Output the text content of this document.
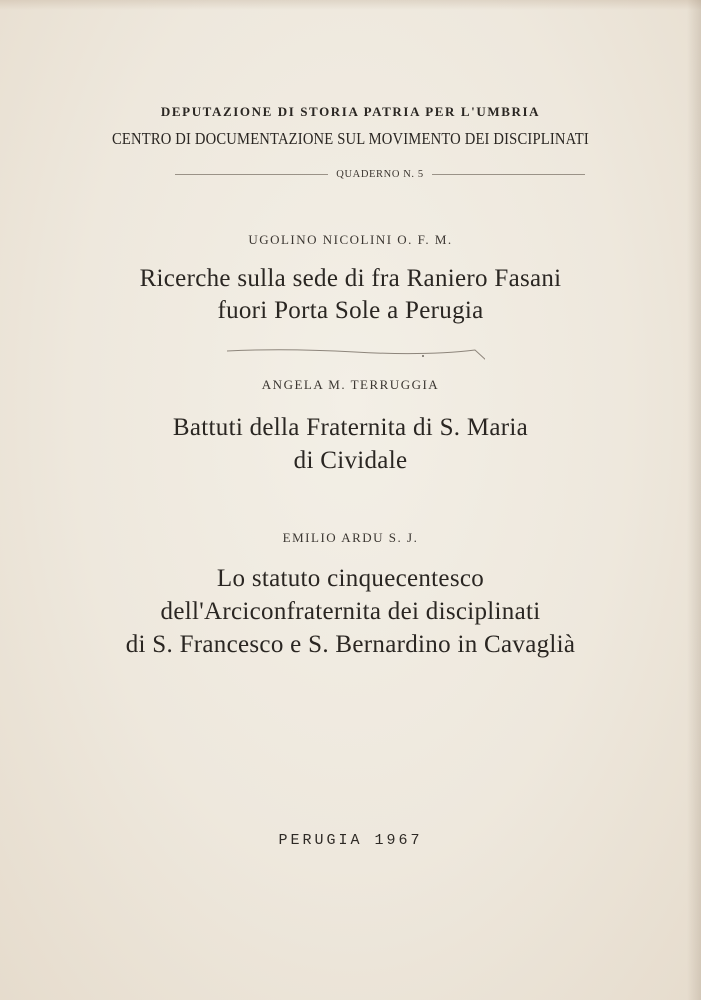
DEPUTAZIONE DI STORIA PATRIA PER L'UMBRIA
CENTRO DI DOCUMENTAZIONE SUL MOVIMENTO DEI DISCIPLINATI
QUADERNO N. 5
UGOLINO NICOLINI O. F. M.
Ricerche sulla sede di fra Raniero Fasani
fuori Porta Sole a Perugia
ANGELA M. TERRUGGIA
Battuti della Fraternita di S. Maria
di Cividale
EMILIO ARDU S. J.
Lo statuto cinquecentesco
dell'Arciconfraternita dei disciplinati
di S. Francesco e S. Bernardino in Cavaglià
PERUGIA 1967
